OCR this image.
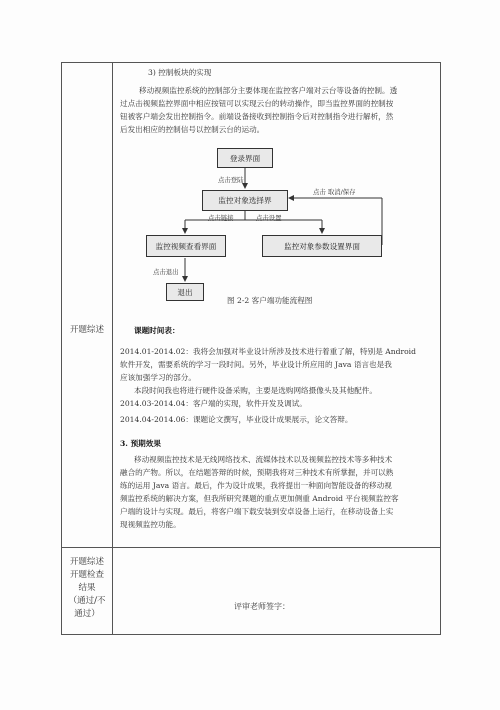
开题综述
开题综述
开题检查
结果
（通过/不
通过）
3) 控制板块的实现
移动视频监控系统的控制部分主要体现在监控客户端对云台等设备的控制。透
过点击视频监控界面中相应按钮可以实现云台的转动操作，即当监控界面的控制按
钮被客户端会发出控制指令。前端设备接收到控制指令后对控制指令进行解析，然
后发出相应的控制信号以控制云台的运动。
登录界面
监控对象选择界
监控视频查看界面	监控对象参数设置界面
退出
点击登陆
点击 取消/保存
点击链接	点击设置
点击退出
图 2-2 客户端功能流程图
课题时间表：
2014.01-2014.02：我将会加强对毕业设计所涉及技术进行着重了解，特别是 Android
软件开发，需要系统的学习一段时间。另外，毕业设计所应用的 Java 语言也是我
应该加强学习的部分。
本段时间我也将进行硬件设备采购，主要是选购网络摄像头及其他配件。
2014.03-2014.04：客户端的实现，软件开发及调试。
2014.04-2014.06：课题论文撰写，毕业设计成果展示，论文答辩。
3. 预期效果
移动视频监控技术是无线网络技术、流媒体技术以及视频监控技术等多种技术
融合的产物。所以，在结题答辩的时候，预期我将对三种技术有所掌握，并可以熟
练的运用 Java 语言。最后，作为设计成果，我将提出一种面向智能设备的移动视
频监控系统的解决方案，但我所研究课题的重点更加侧重 Android 平台视频监控客
户端的设计与实现。最后，将客户端下载安装到安卓设备上运行，在移动设备上实
现视频监控功能。
评审老师签字：
